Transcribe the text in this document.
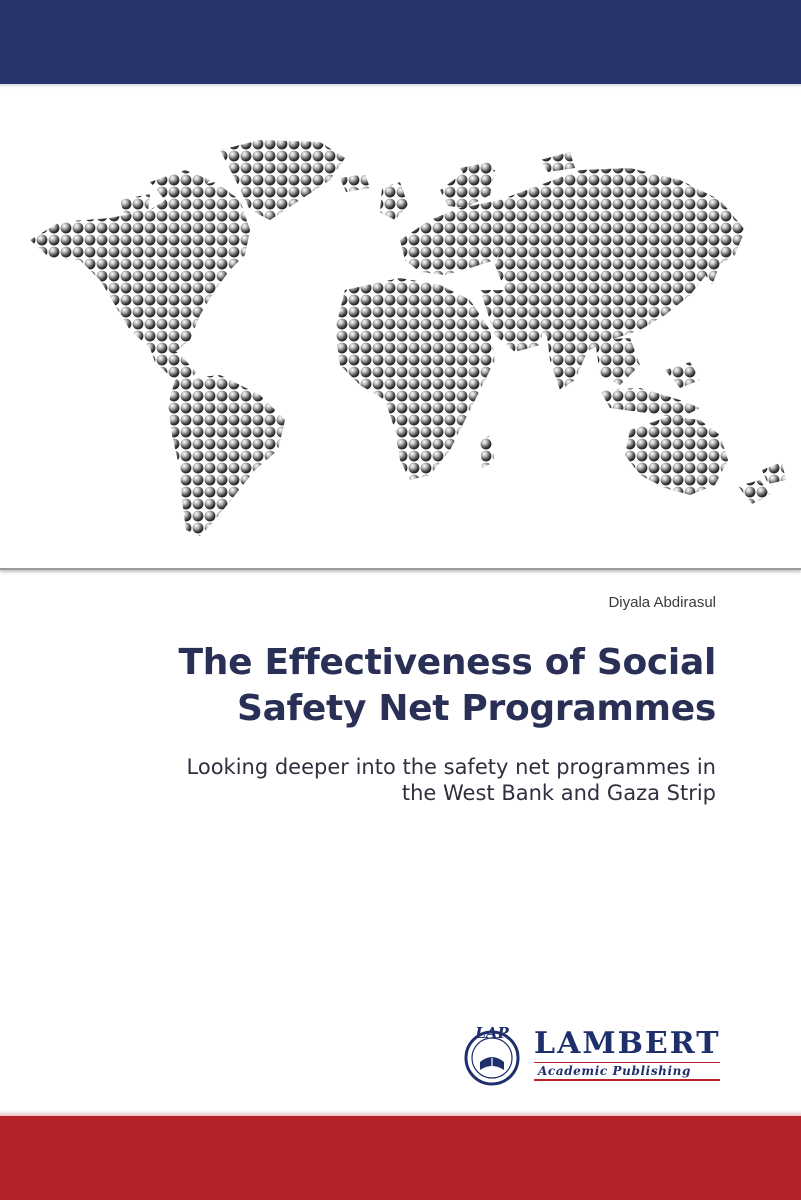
Diyala Abdirasul

The Effectiveness of Social
Safety Net Programmes

Looking deeper into the safety net programmes in
the West Bank and Gaza Strip

LAP LAMBERT
Academic Publishing
